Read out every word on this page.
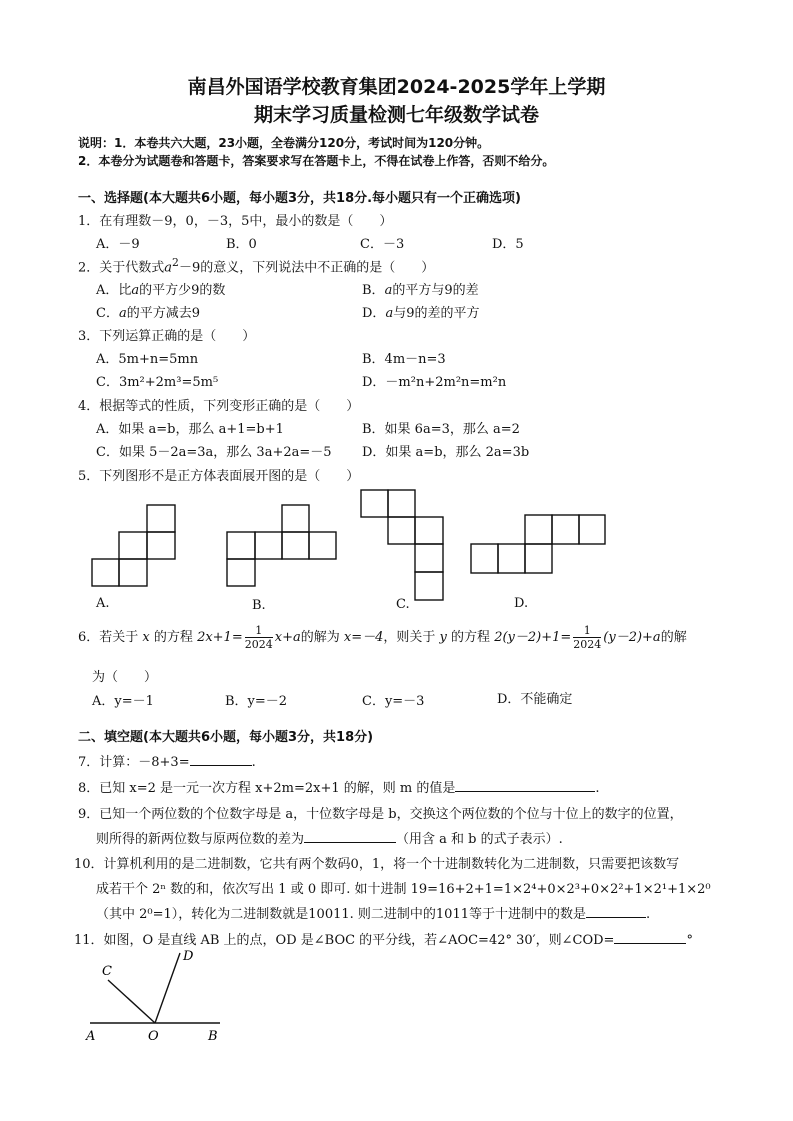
南昌外国语学校教育集团2024-2025学年上学期
期末学习质量检测七年级数学试卷
说明：1．本卷共六大题，23小题，全卷满分120分，考试时间为120分钟。
2．本卷分为试题卷和答题卡，答案要求写在答题卡上，不得在试卷上作答，否则不给分。
一、选择题(本大题共6小题，每小题3分，共18分.每小题只有一个正确选项)
1．在有理数－9，0，－3，5中，最小的数是（　　）
A．－9	B．0	C．－3	D．5
2．关于代数式$a^2-9$的意义，下列说法中不正确的是（　　）
A．比a的平方少9的数	B．a的平方与9的差
C．a的平方减去9	D．a与9的差的平方
3．下列运算正确的是（　　）
A．5m+n=5mn	B．4m－n=3
C．3m²+2m³=5m⁵	D．－m²n+2m²n=m²n
4．根据等式的性质，下列变形正确的是（　　）
A．如果 a=b，那么 a+1=b+1	B．如果 6a=3，那么 a=2
C．如果 5－2a=3a，那么 3a+2a=－5 D．如果 a=b，那么 2a=3b
5．下列图形不是正方体表面展开图的是（　　）
A.	B.	C.	D.
6．若关于 x 的方程 $2x+1= \frac{1}{2024} x+a$的解为 x=－4，则关于 y 的方程 $2(y-2)+1= \frac{1}{2024} (y-2)+a$的解
为（　　）
A．y=－1	B．y=－2	C．y=－3	D．不能确定
二、填空题(本大题共6小题，每小题3分，共18分)
7．计算：－8+3=	.
8．已知 x=2 是一元一次方程 x+2m=2x+1 的解，则 m 的值是	.
9．已知一个两位数的个位数字母是 a，十位数字母是 b，交换这个两位数的个位与十位上的数字的位置，
则所得的新两位数与原两位数的差为	（用含 a 和 b 的式子表示）.
10．计算机利用的是二进制数，它共有两个数码0，1，将一个十进制数转化为二进制数，只需要把该数写
成若干个 2ⁿ 数的和，依次写出 1 或 0 即可. 如十进制 19=16+2+1=1×2⁴+0×2³+0×2²+1×2¹+1×2⁰
（其中 2⁰=1），转化为二进制数就是10011. 则二进制中的1011等于十进制中的数是	.
11．如图，O 是直线 AB 上的点，OD 是∠BOC 的平分线，若∠AOC=42° 30′，则∠COD=	°
C
D
A	O	B
